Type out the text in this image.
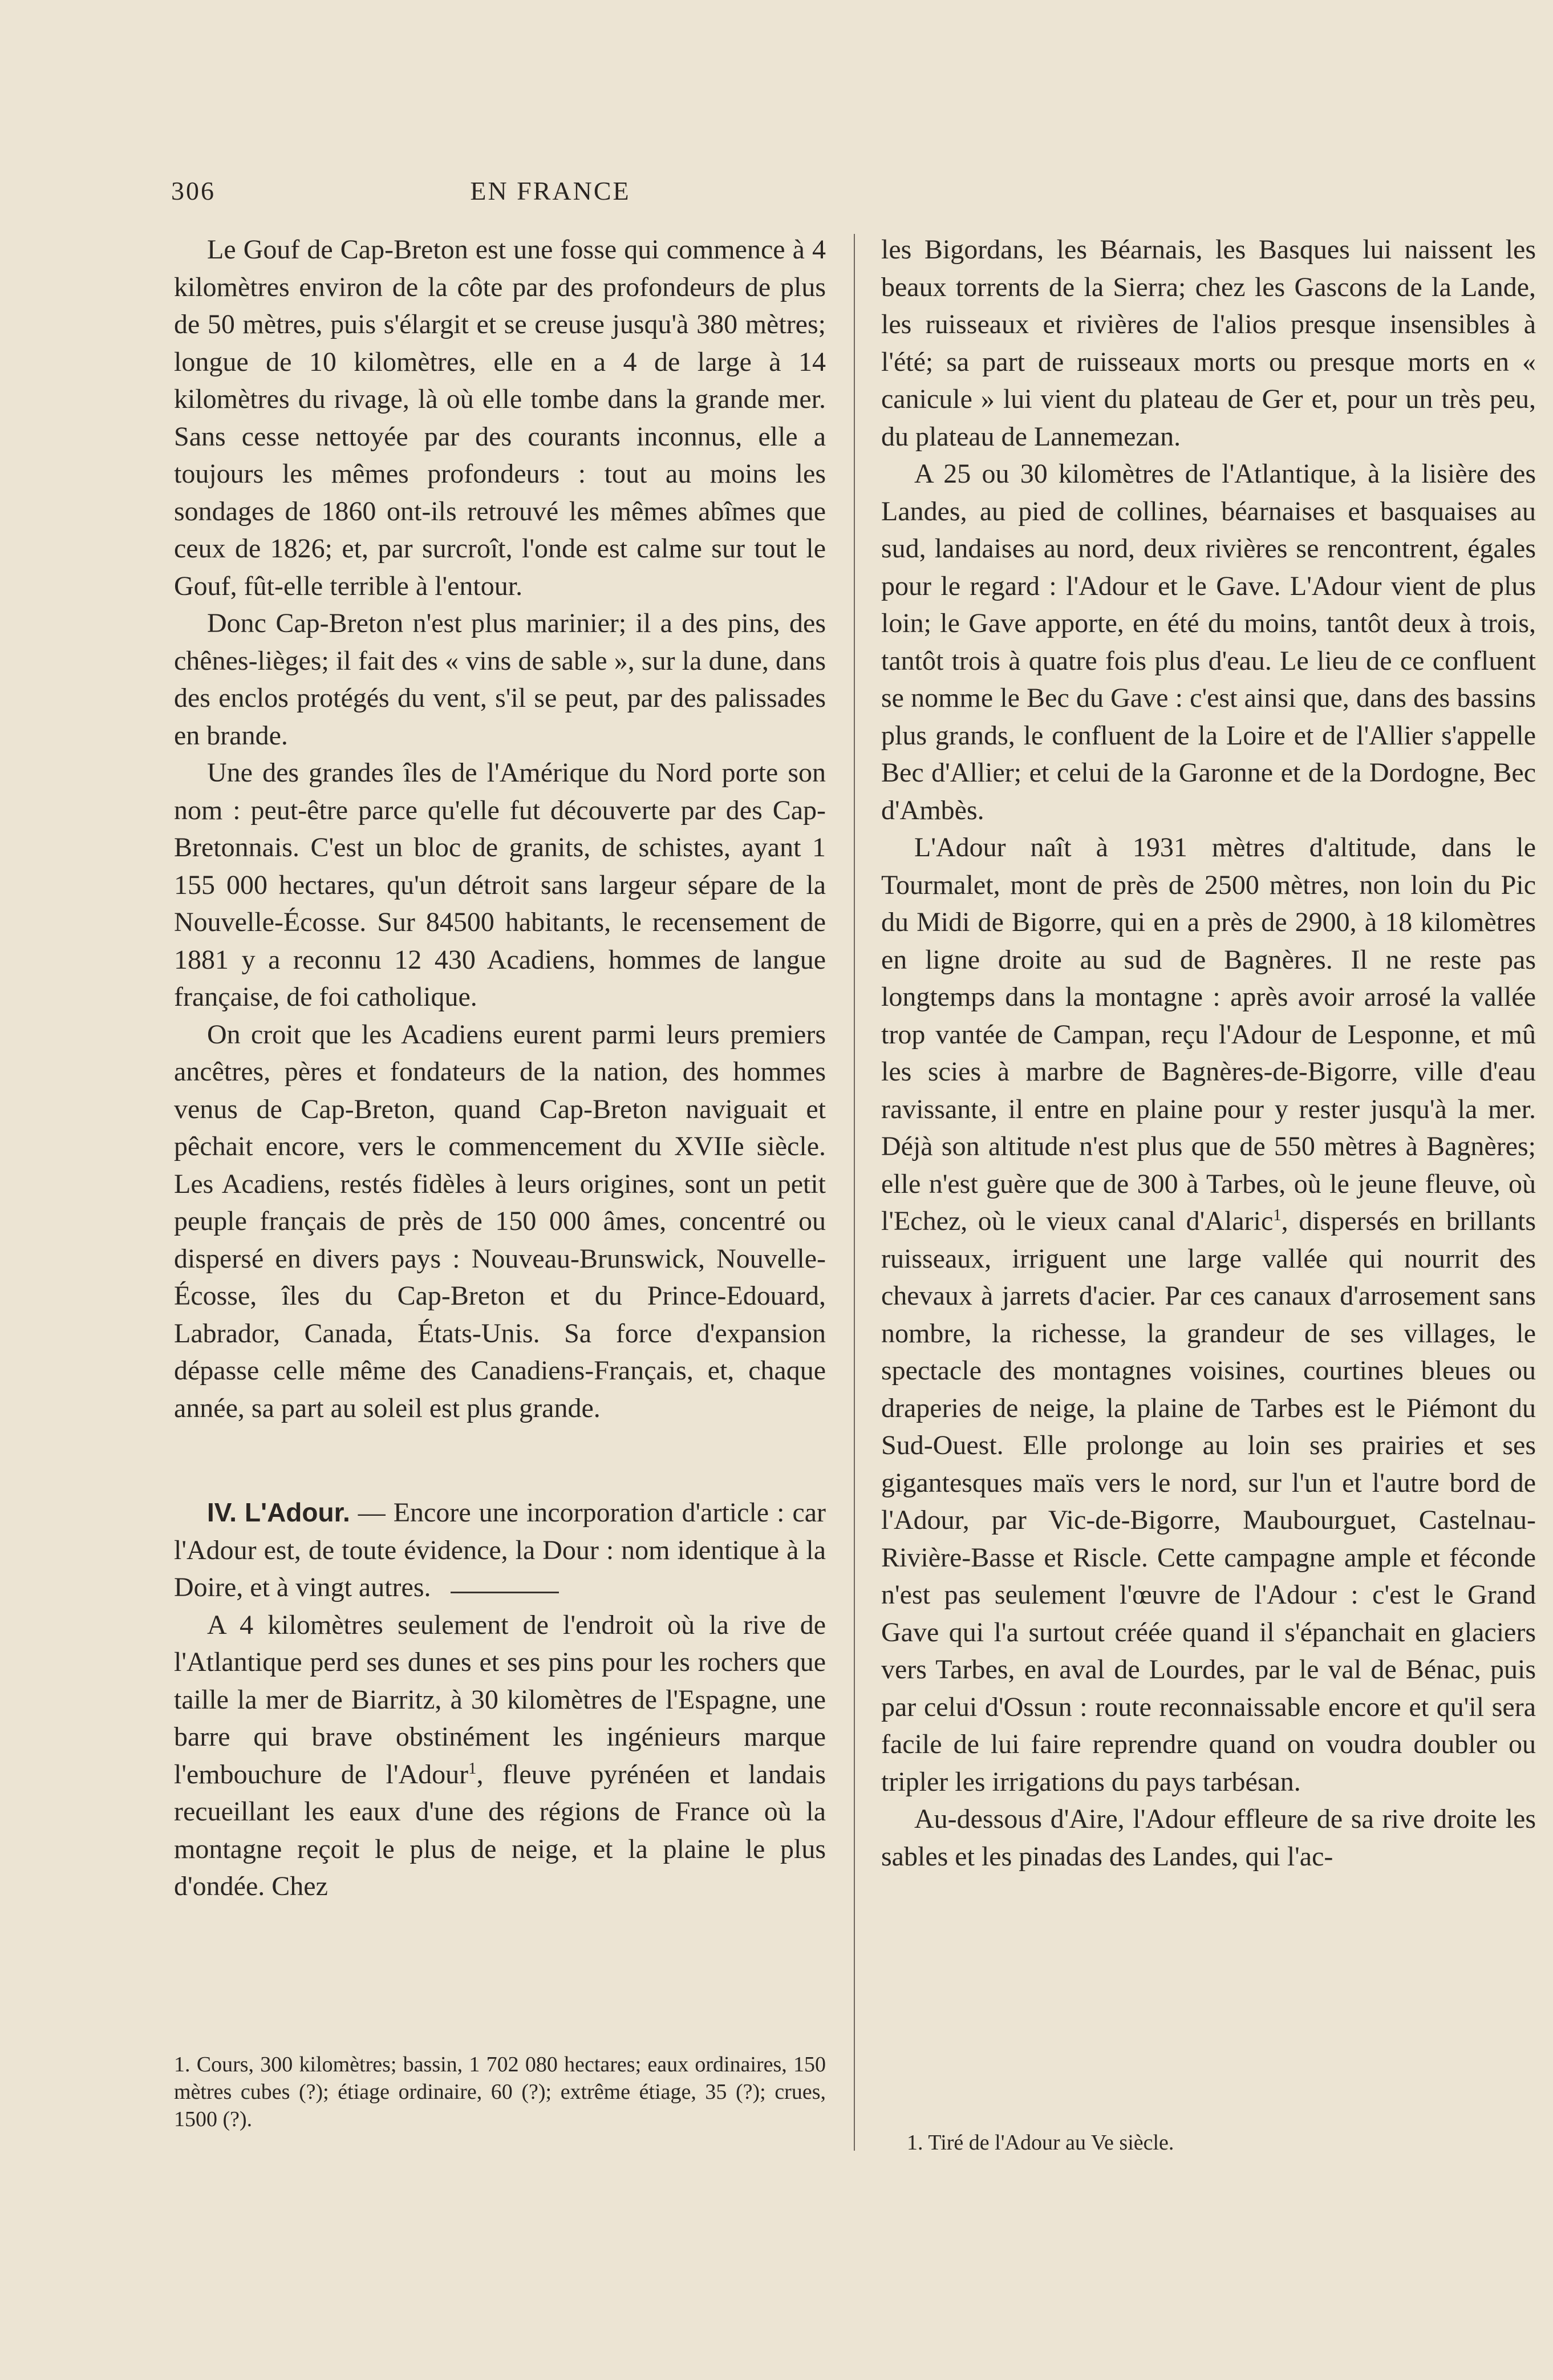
306	EN FRANCE

Le Gouf de Cap-Breton est une fosse qui commence à 4 kilomètres environ de la côte par des profondeurs de plus de 50 mètres, puis s'élargit et se creuse jusqu'à 380 mètres; longue de 10 kilomètres, elle en a 4 de large à 14 kilomètres du rivage, là où elle tombe dans la grande mer. Sans cesse nettoyée par des courants inconnus, elle a toujours les mêmes profondeurs : tout au moins les sondages de 1860 ont-ils retrouvé les mêmes abîmes que ceux de 1826; et, par surcroît, l'onde est calme sur tout le Gouf, fût-elle terrible à l'entour.

Donc Cap-Breton n'est plus marinier; il a des pins, des chênes-lièges; il fait des « vins de sable », sur la dune, dans des enclos protégés du vent, s'il se peut, par des palissades en brande.

Une des grandes îles de l'Amérique du Nord porte son nom : peut-être parce qu'elle fut découverte par des Cap-Bretonnais. C'est un bloc de granits, de schistes, ayant 1 155 000 hectares, qu'un détroit sans largeur sépare de la Nouvelle-Écosse. Sur 84500 habitants, le recensement de 1881 y a reconnu 12 430 Acadiens, hommes de langue française, de foi catholique.

On croit que les Acadiens eurent parmi leurs premiers ancêtres, pères et fondateurs de la nation, des hommes venus de Cap-Breton, quand Cap-Breton naviguait et pêchait encore, vers le commencement du XVIIe siècle. Les Acadiens, restés fidèles à leurs origines, sont un petit peuple français de près de 150 000 âmes, concentré ou dispersé en divers pays : Nouveau-Brunswick, Nouvelle-Écosse, îles du Cap-Breton et du Prince-Edouard, Labrador, Canada, États-Unis. Sa force d'expansion dépasse celle même des Canadiens-Français, et, chaque année, sa part au soleil est plus grande.

IV. L'Adour. — Encore une incorporation d'article : car l'Adour est, de toute évidence, la Dour : nom identique à la Doire, et à vingt autres.

A 4 kilomètres seulement de l'endroit où la rive de l'Atlantique perd ses dunes et ses pins pour les rochers que taille la mer de Biarritz, à 30 kilomètres de l'Espagne, une barre qui brave obstinément les ingénieurs marque l'embouchure de l'Adour$^1$, fleuve pyrénéen et landais recueillant les eaux d'une des régions de France où la montagne reçoit le plus de neige, et la plaine le plus d'ondée. Chez

1. Cours, 300 kilomètres; bassin, 1 702 080 hectares; eaux ordinaires, 150 mètres cubes (?); étiage ordinaire, 60 (?); extrême étiage, 35 (?); crues, 1500 (?).

les Bigordans, les Béarnais, les Basques lui naissent les beaux torrents de la Sierra; chez les Gascons de la Lande, les ruisseaux et rivières de l'alios presque insensibles à l'été; sa part de ruisseaux morts ou presque morts en « canicule » lui vient du plateau de Ger et, pour un très peu, du plateau de Lannemezan.

A 25 ou 30 kilomètres de l'Atlantique, à la lisière des Landes, au pied de collines, béarnaises et basquaises au sud, landaises au nord, deux rivières se rencontrent, égales pour le regard : l'Adour et le Gave. L'Adour vient de plus loin; le Gave apporte, en été du moins, tantôt deux à trois, tantôt trois à quatre fois plus d'eau. Le lieu de ce confluent se nomme le Bec du Gave : c'est ainsi que, dans des bassins plus grands, le confluent de la Loire et de l'Allier s'appelle Bec d'Allier; et celui de la Garonne et de la Dordogne, Bec d'Ambès.

L'Adour naît à 1931 mètres d'altitude, dans le Tourmalet, mont de près de 2500 mètres, non loin du Pic du Midi de Bigorre, qui en a près de 2900, à 18 kilomètres en ligne droite au sud de Bagnères. Il ne reste pas longtemps dans la montagne : après avoir arrosé la vallée trop vantée de Campan, reçu l'Adour de Lesponne, et mû les scies à marbre de Bagnères-de-Bigorre, ville d'eau ravissante, il entre en plaine pour y rester jusqu'à la mer. Déjà son altitude n'est plus que de 550 mètres à Bagnères; elle n'est guère que de 300 à Tarbes, où le jeune fleuve, où l'Echez, où le vieux canal d'Alaric$^1$, dispersés en brillants ruisseaux, irriguent une large vallée qui nourrit des chevaux à jarrets d'acier. Par ces canaux d'arrosement sans nombre, la richesse, la grandeur de ses villages, le spectacle des montagnes voisines, courtines bleues ou draperies de neige, la plaine de Tarbes est le Piémont du Sud-Ouest. Elle prolonge au loin ses prairies et ses gigantesques maïs vers le nord, sur l'un et l'autre bord de l'Adour, par Vic-de-Bigorre, Maubourguet, Castelnau-Rivière-Basse et Riscle. Cette campagne ample et féconde n'est pas seulement l'œuvre de l'Adour : c'est le Grand Gave qui l'a surtout créée quand il s'épanchait en glaciers vers Tarbes, en aval de Lourdes, par le val de Bénac, puis par celui d'Ossun : route reconnaissable encore et qu'il sera facile de lui faire reprendre quand on voudra doubler ou tripler les irrigations du pays tarbésan.

Au-dessous d'Aire, l'Adour effleure de sa rive droite les sables et les pinadas des Landes, qui l'ac-

1. Tiré de l'Adour au Ve siècle.
